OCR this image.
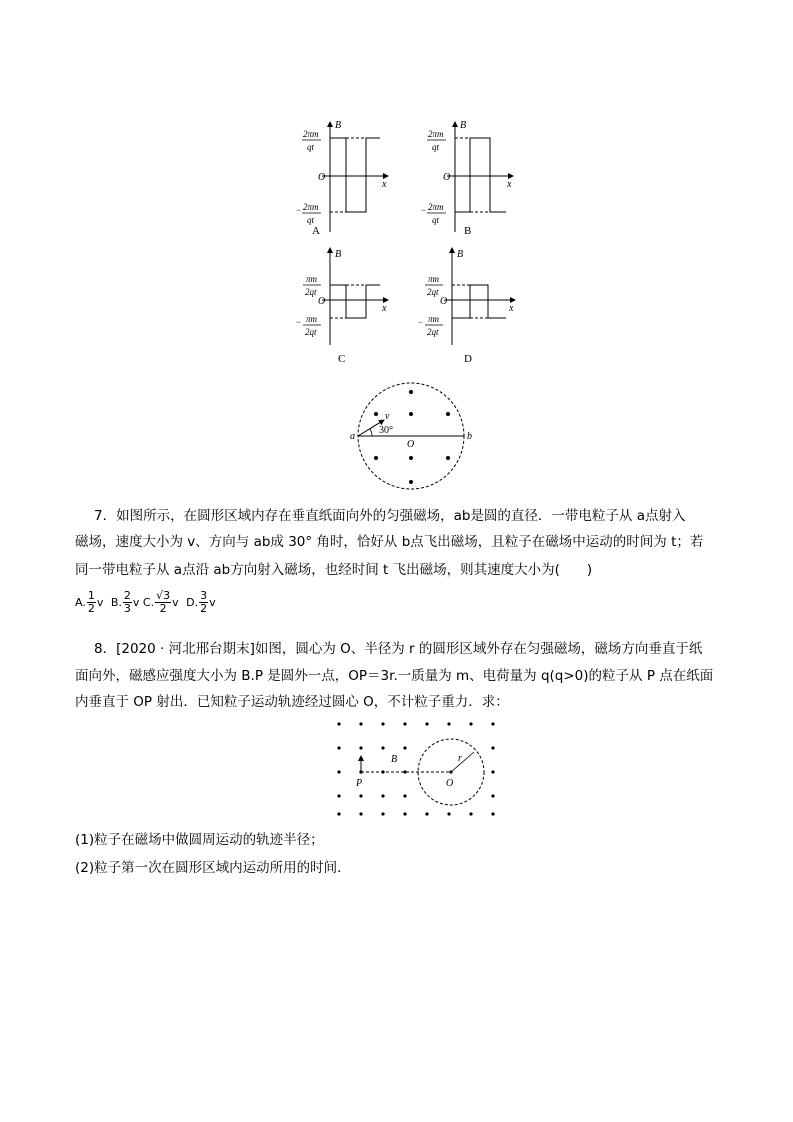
B
x
O
2πm
qt
− 2πm
qt
A
B
x
O
2πm
qt
− 2πm
qt
B
B
x
O
πm
2qt
− πm
2qt
C
B
x
O
πm
2qt
− πm
2qt
D
a	b
O
v
30°
7．如图所示，在圆形区域内存在垂直纸面向外的匀强磁场，ab是圆的直径．一带电粒子从 a点射入
磁场，速度大小为 v、方向与 ab成 30° 角时，恰好从 b点飞出磁场，且粒子在磁场中运动的时间为 t；若
同一带电粒子从 a点沿 ab方向射入磁场，也经时间 t 飞出磁场，则其速度大小为(　　)
A. $\frac{1}{2}$ v B. $\frac{2}{3}$ v C. $\frac{√3}{2}$ v D. $\frac{3}{2}$ v
8．[2020 · 河北邢台期末]如图，圆心为 O、半径为 r 的圆形区域外存在匀强磁场，磁场方向垂直于纸
面向外，磁感应强度大小为 B.P 是圆外一点，OP＝3r.一质量为 m、电荷量为 q(q>0)的粒子从 P 点在纸面
内垂直于 OP 射出．已知粒子运动轨迹经过圆心 O，不计粒子重力．求：
P
B
O
r
(1)粒子在磁场中做圆周运动的轨迹半径；
(2)粒子第一次在圆形区域内运动所用的时间．
